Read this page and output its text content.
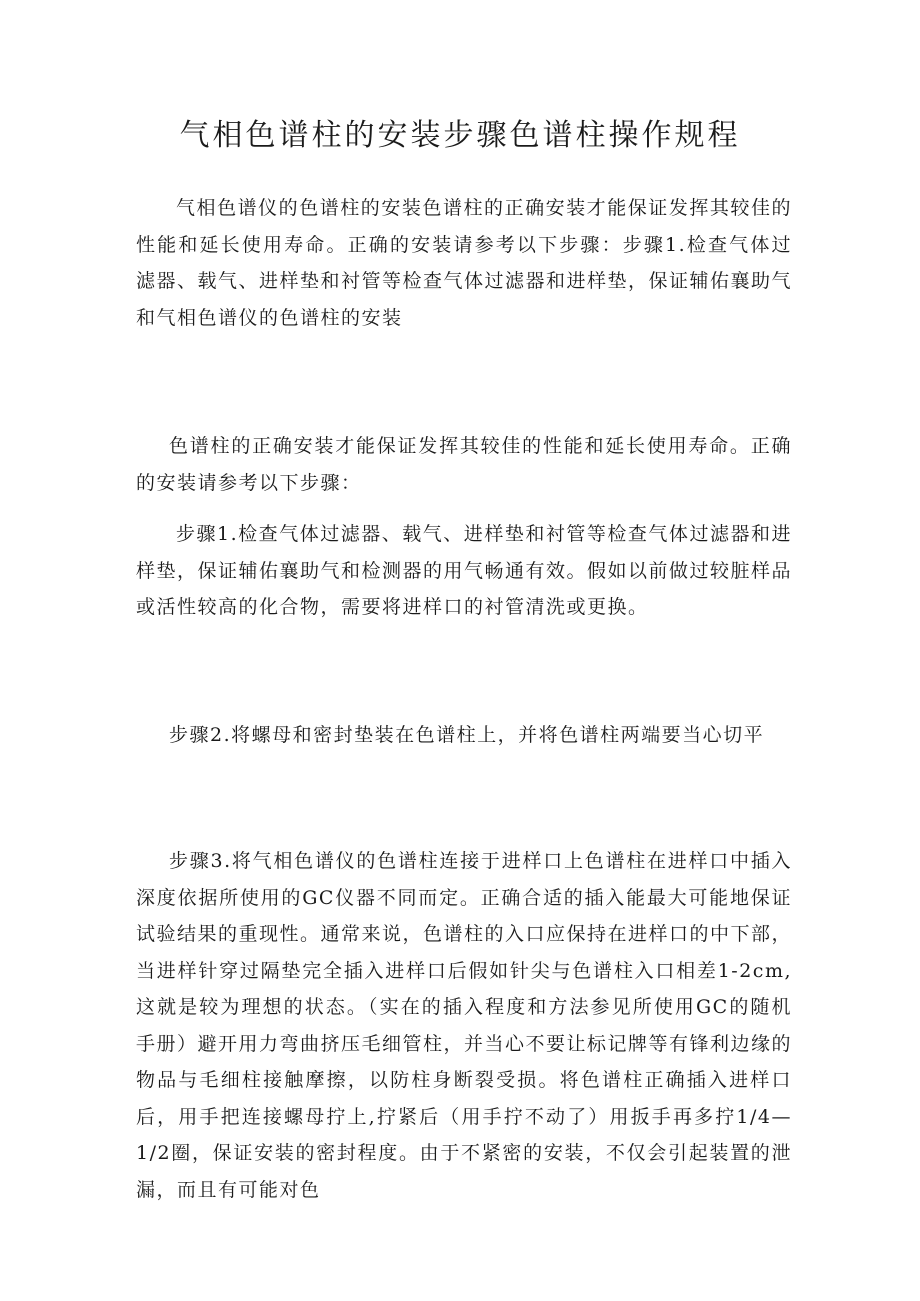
气相色谱柱的安装步骤色谱柱操作规程

气相色谱仪的色谱柱的安装色谱柱的正确安装才能保证发挥其较佳的性能和延长使用寿命。正确的安装请参考以下步骤：步骤1.检查气体过滤器、载气、进样垫和衬管等检查气体过滤器和进样垫，保证辅佑襄助气和气相色谱仪的色谱柱的安装

色谱柱的正确安装才能保证发挥其较佳的性能和延长使用寿命。正确的安装请参考以下步骤：

步骤1.检查气体过滤器、载气、进样垫和衬管等检查气体过滤器和进样垫，保证辅佑襄助气和检测器的用气畅通有效。假如以前做过较脏样品或活性较高的化合物，需要将进样口的衬管清洗或更换。

步骤2.将螺母和密封垫装在色谱柱上，并将色谱柱两端要当心切平

步骤3.将气相色谱仪的色谱柱连接于进样口上色谱柱在进样口中插入深度依据所使用的GC仪器不同而定。正确合适的插入能最大可能地保证试验结果的重现性。通常来说，色谱柱的入口应保持在进样口的中下部，当进样针穿过隔垫完全插入进样口后假如针尖与色谱柱入口相差1-2cm,这就是较为理想的状态。（实在的插入程度和方法参见所使用GC的随机手册）避开用力弯曲挤压毛细管柱，并当心不要让标记牌等有锋利边缘的物品与毛细柱接触摩擦，以防柱身断裂受损。将色谱柱正确插入进样口后，用手把连接螺母拧上,拧紧后（用手拧不动了）用扳手再多拧1/4—1/2圈，保证安装的密封程度。由于不紧密的安装，不仅会引起装置的泄漏，而且有可能对色
